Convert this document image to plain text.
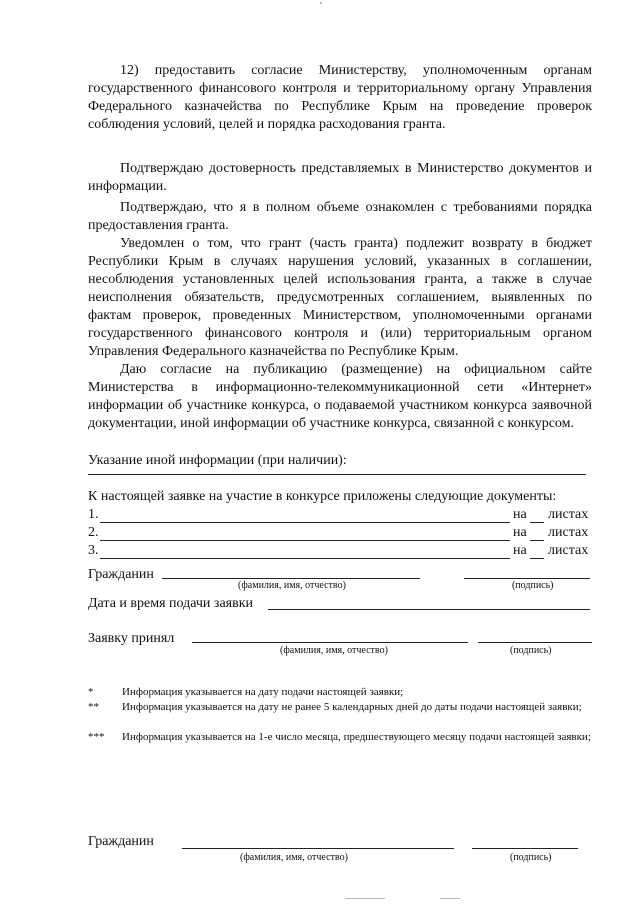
12) предоставить согласие Министерству, уполномоченным органам государственного финансового контроля и территориальному органу Управления Федерального казначейства по Республике Крым на проведение проверок соблюдения условий, целей и порядка расходования гранта.

Подтверждаю достоверность представляемых в Министерство документов и информации.

Подтверждаю, что я в полном объеме ознакомлен с требованиями порядка предоставления гранта.

Уведомлен о том, что грант (часть гранта) подлежит возврату в бюджет Республики Крым в случаях нарушения условий, указанных в соглашении, несоблюдения установленных целей использования гранта, а также в случае неисполнения обязательств, предусмотренных соглашением, выявленных по фактам проверок, проведенных Министерством, уполномоченными органами государственного финансового контроля и (или) территориальным органом Управления Федерального казначейства по Республике Крым.

Даю согласие на публикацию (размещение) на официальном сайте Министерства в информационно-телекоммуникационной сети «Интернет» информации об участнике конкурса, о подаваемой участником конкурса заявочной документации, иной информации об участнике конкурса, связанной с конкурсом.

Указание иной информации (при наличии):
К настоящей заявке на участие в конкурсе приложены следующие документы:
1.	на листах
2.	на листах
3.	на листах
Гражданин
(фамилия, имя, отчество)	(подпись)
Дата и время подачи заявки
Заявку принял
(фамилия, имя, отчество)	(подпись)

*	Информация указывается на дату подачи настоящей заявки;

** Информация указывается на дату не ранее 5 календарных дней до даты подачи настоящей заявки;

*** Информация указывается на 1-е число месяца, предшествующего месяцу подачи настоящей заявки;

Гражданин
(фамилия, имя, отчество)	(подпись)
